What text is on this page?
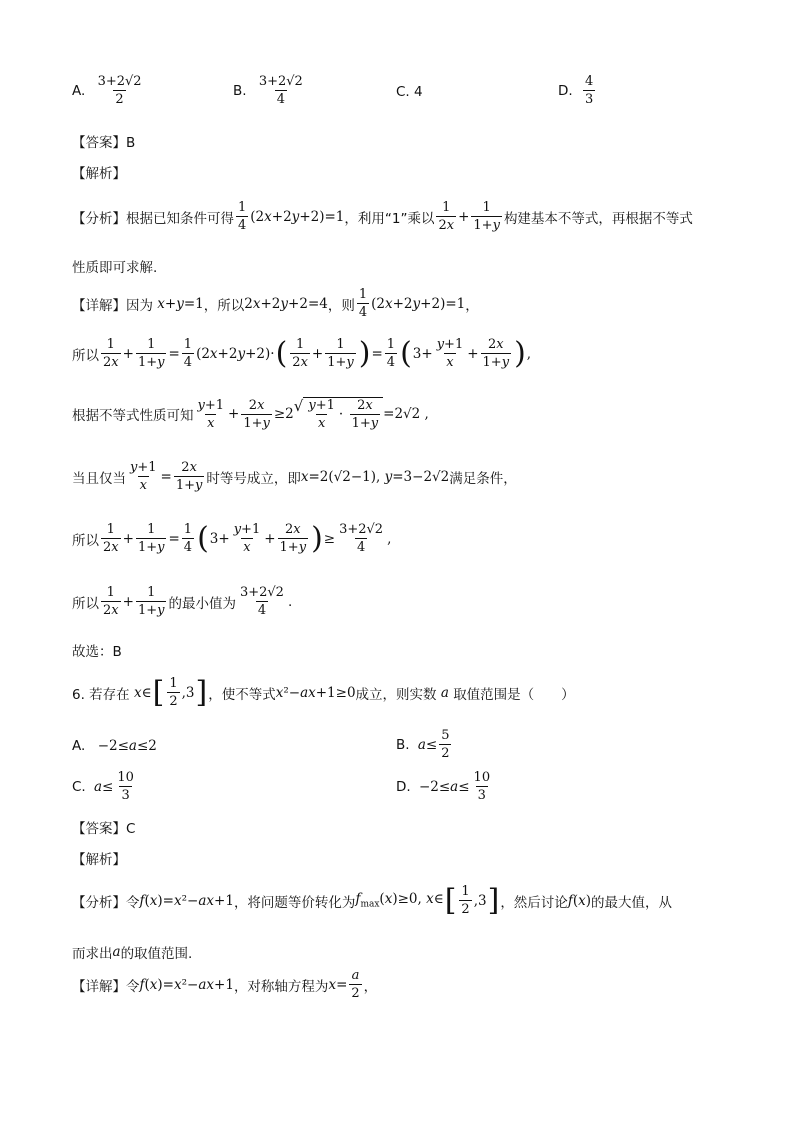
A.
$\frac{3+2√2}{2}$	B.
$\frac{3+2√2}{4}$	C. 4	D.
$\frac{4}{3}$
【答案】B
【解析】
【分析】 根据已知条件可得 $\frac{1}{4} (2x+2y+2)=1$ ，利用“1”乘以 $\frac{1}{2x} + \frac{1}{1+y}$ 构建基本不等式，再根据不等式
性质即可求解.
【详解】 因为 x+y=1 ，所以 2x+2y+2=4 ，则 $\frac{1}{4} (2x+2y+2)=1$ ，
所以 $\frac{1}{2x} + \frac{1}{1+y} = \frac{1}{4} (2x+2y+2)\cdot$ ( $\frac{1}{2x} + \frac{1}{1+y}$ ) = $\frac{1}{4}$ ( $3+ \frac{y+1}{x} + \frac{2x}{1+y}$ ) ,
根据不等式性质可知 $\frac{y+1}{x} + \frac{2x}{1+y} \ge 2$ √ $\frac{y+1}{x} \cdot \frac{2x}{1+y} =2√2$ ,
当且仅当 $\frac{y+1}{x} = \frac{2x}{1+y}$ 时等号成立，即 x=2(√2−1), y=3−2√2 满足条件，
所以 $\frac{1}{2x} + \frac{1}{1+y} = \frac{1}{4}$ ( $3+ \frac{y+1}{x} + \frac{2x}{1+y}$ ) ≥ $\frac{3+2√2}{4}$ ,
所以 $\frac{1}{2x} + \frac{1}{1+y}$ 的最小值为 $\frac{3+2√2}{4}$ .
故选：B
6. 若存在 x∈ [ $\frac{1}{2} ,3$ ] ，使不等式 x²−ax+1≥0 成立，则实数 a 取值范围是（　　）
A.
−2≤a≤2	B.
$a\le \frac{5}{2}$
C.
$a\le \frac{10}{3}$	D.
$-2\le a\le \frac{10}{3}$
【答案】C
【解析】
【分析】 令 f(x)=x²−ax+1 ，将问题等价转化为 $f_{max}(x)\ge 0$, x∈ [ $\frac{1}{2} ,3$ ] ，然后讨论 f(x) 的最大值，从
而求出 a 的取值范围.
【详解】 令 f(x)=x²−ax+1 ，对称轴方程为 $x= \frac{a}{2}$ ，
